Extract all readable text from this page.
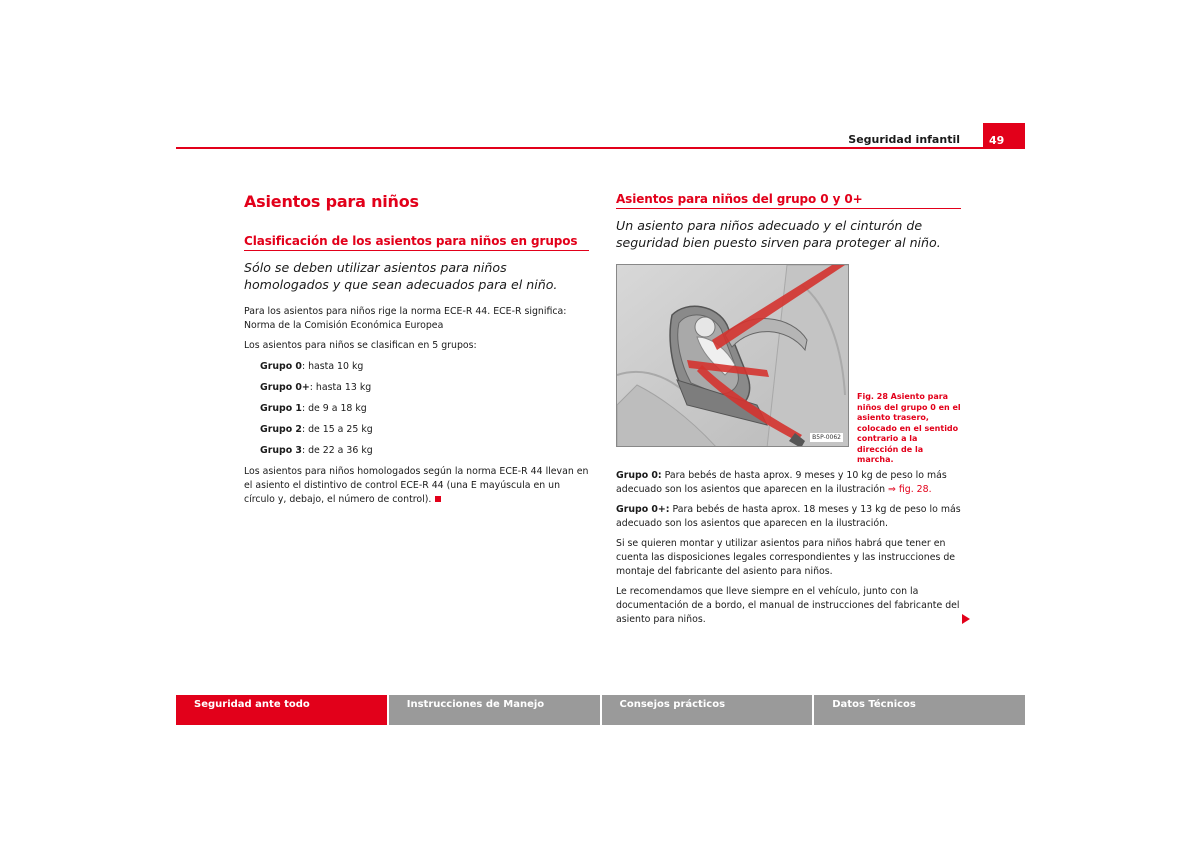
Seguridad infantil	49
Asientos para niños
Clasificación de los asientos para niños en grupos
Sólo se deben utilizar asientos para niños homologados y que sean adecuados para el niño.

Para los asientos para niños rige la norma ECE-R 44. ECE-R significa: Norma de la Comisión Económica Europea

Los asientos para niños se clasifican en 5 grupos:

Grupo 0: hasta 10 kg
Grupo 0+: hasta 13 kg
Grupo 1: de 9 a 18 kg
Grupo 2: de 15 a 25 kg
Grupo 3: de 22 a 36 kg

Los asientos para niños homologados según la norma ECE-R 44 llevan en el asiento el distintivo de control ECE-R 44 (una E mayúscula en un círculo y, debajo, el número de control).

Asientos para niños del grupo 0 y 0+
Un asiento para niños adecuado y el cinturón de seguridad bien puesto sirven para proteger al niño.
B5P-0062
Fig. 28 Asiento para niños del grupo 0 en el asiento trasero, colocado en el sentido contrario a la dirección de la marcha.

Grupo 0: Para bebés de hasta aprox. 9 meses y 10 kg de peso lo más adecuado son los asientos que aparecen en la ilustración ⇒ fig. 28.

Grupo 0+: Para bebés de hasta aprox. 18 meses y 13 kg de peso lo más adecuado son los asientos que aparecen en la ilustración.

Si se quieren montar y utilizar asientos para niños habrá que tener en cuenta las disposiciones legales correspondientes y las instrucciones de montaje del fabricante del asiento para niños.

Le recomendamos que lleve siempre en el vehículo, junto con la documentación de a bordo, el manual de instrucciones del fabricante del asiento para niños.

Seguridad ante todo	Instrucciones de Manejo	Consejos prácticos	Datos Técnicos
